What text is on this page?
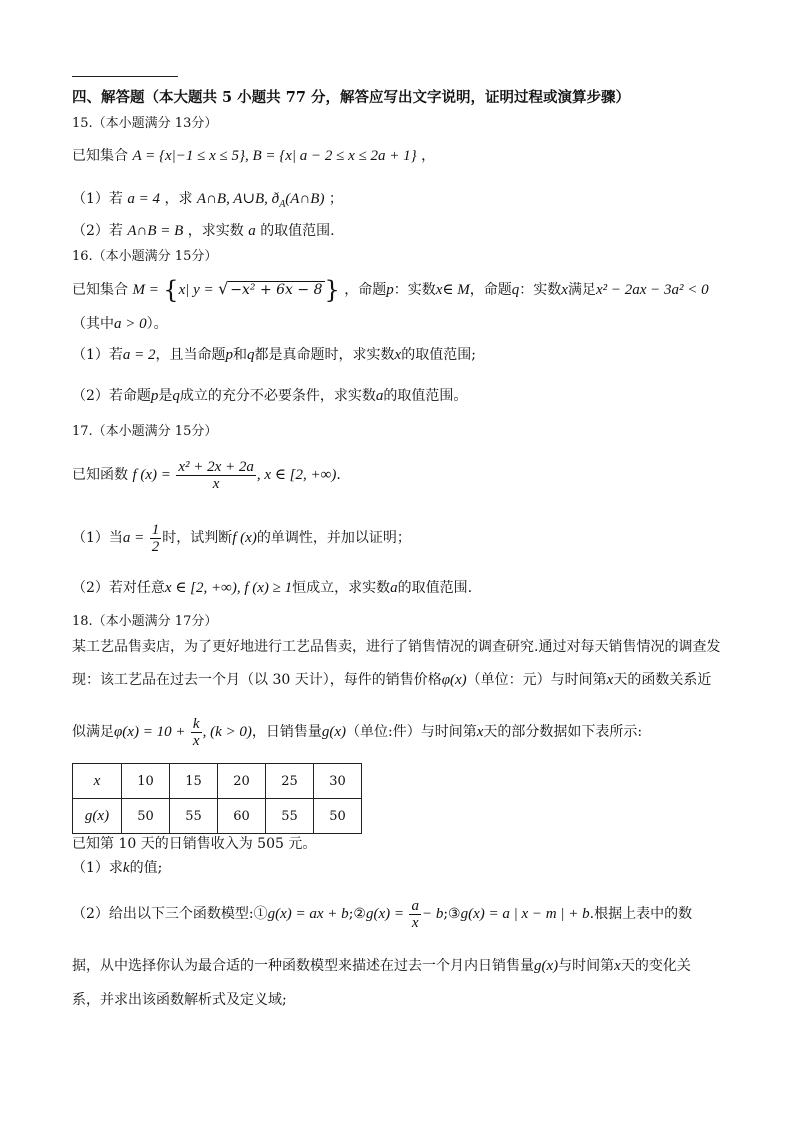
四、解答题（本大题共 5 小题共 77 分，解答应写出文字说明，证明过程或演算步骤）
15.（本小题满分 13分）
已知集合 A = {x|−1 ≤ x ≤ 5}, B = {x| a − 2 ≤ x ≤ 2a + 1} ，
（1）若 a = 4 ，求 A∩B, A∪B, $ð_A(A\cap B)$ ；
（2）若 A∩B = B ，求实数 a 的取值范围.
16.（本小题满分 15分）
已知集合 M = {x| y = √ −x² + 6x − 8} ，命题p：实数x∈ M，命题q：实数x满足x² − 2ax − 3a² < 0
（其中a > 0）。
（1）若a = 2，且当命题p和q都是真命题时，求实数x的取值范围;
（2）若命题p是q成立的充分不必要条件，求实数a的取值范围。
17.（本小题满分 15分）
已知函数 f $(x) = \frac{\text{x² + 2x + 2a}}{x}$ , x ∈ [2, +∞).
（1）当$a = \frac{1}{2}$ 时，试判断f (x)的单调性，并加以证明；
（2）若对任意x ∈ [2, +∞), f (x) ≥ 1恒成立，求实数a的取值范围.
18.（本小题满分 17分）
某工艺品售卖店，为了更好地进行工艺品售卖，进行了销售情况的调查研究.通过对每天销售情况的调查发
现：该工艺品在过去一个月（以 30 天计），每件的销售价格φ(x)（单位：元）与时间第x天的函数关系近
似满足$\varphi(x) = 10 + \frac{k}{x}$ , (k > 0)，日销售量g(x)（单位:件）与时间第x天的部分数据如下表所示:
x	10	15	20	25	30
g(x)	50	55	60	55	50
已知第 10 天的日销售收入为 505 元。
（1）求k的值;
（2）给出以下三个函数模型:①g(x) = ax + b;②g(x) = $\frac{a}{x}$ − b;③g(x) = a | x − m | + b.根据上表中的数
据，从中选择你认为最合适的一种函数模型来描述在过去一个月内日销售量g(x)与时间第x天的变化关
系，并求出该函数解析式及定义域;
